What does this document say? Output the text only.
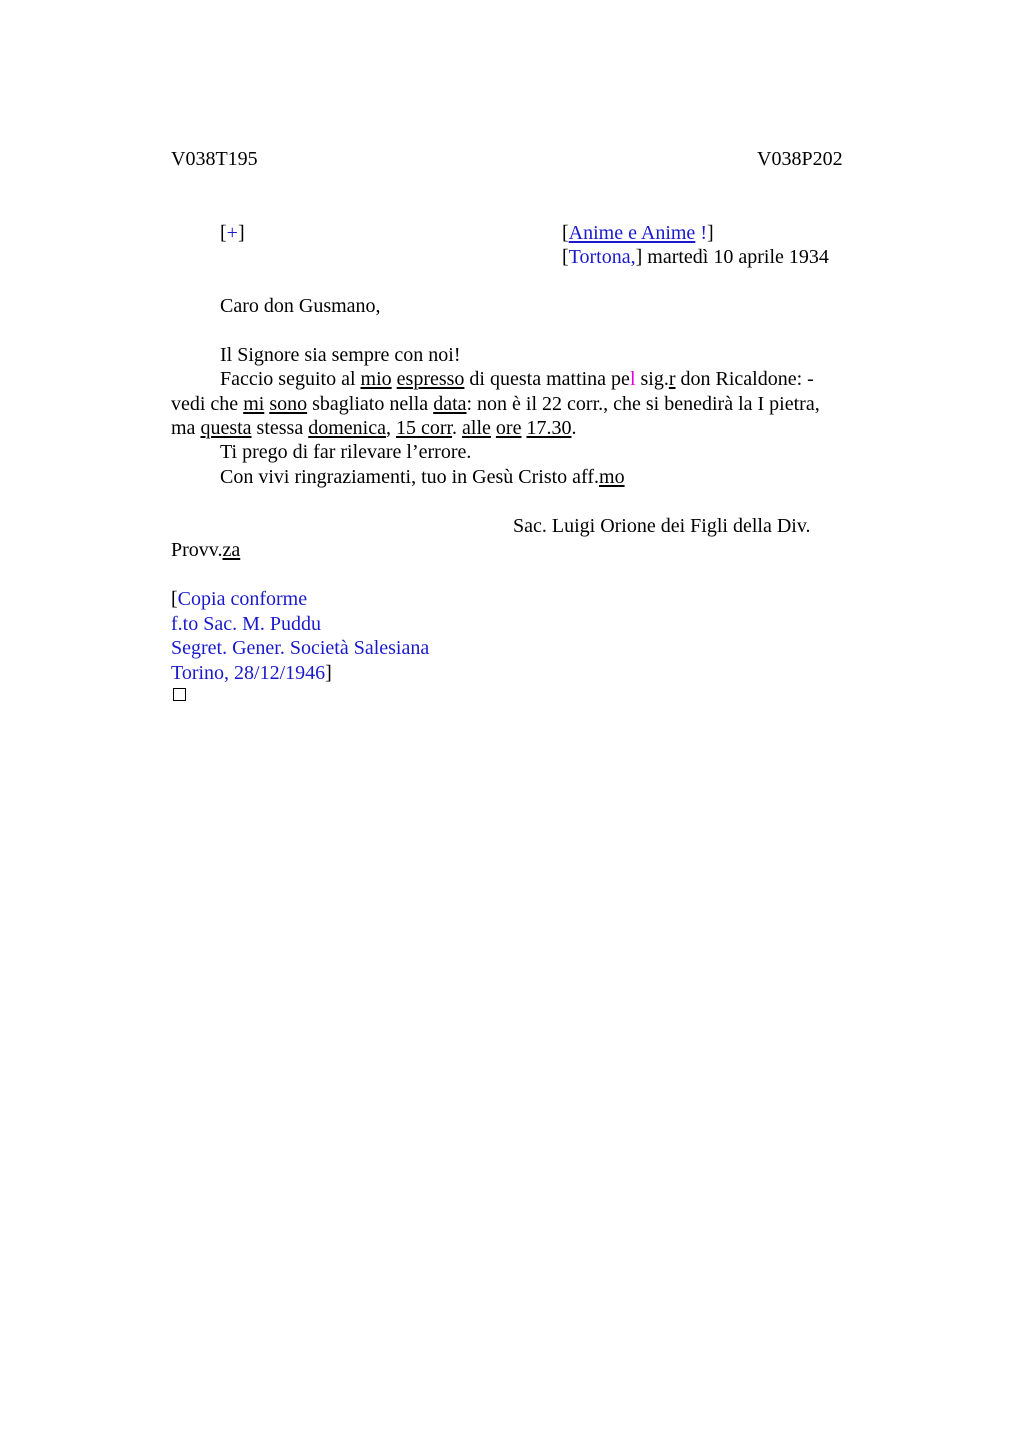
V038T195	V038P202
[+]	[Anime e Anime !]
[Tortona,] martedì 10 aprile 1934
Caro don Gusmano,
Il Signore sia sempre con noi!
Faccio seguito al mio espresso di questa mattina pel sig.r don Ricaldone: -
vedi che mi sono sbagliato nella data: non è il 22 corr., che si benedirà la I pietra,
ma questa stessa domenica, 15 corr. alle ore 17.30.
Ti prego di far rilevare l’errore.
Con vivi ringraziamenti, tuo in Gesù Cristo aff.mo
Sac. Luigi Orione dei Figli della Div.
Provv.za
[Copia conforme
f.to Sac. M. Puddu
Segret. Gener. Società Salesiana
Torino, 28/12/1946]
